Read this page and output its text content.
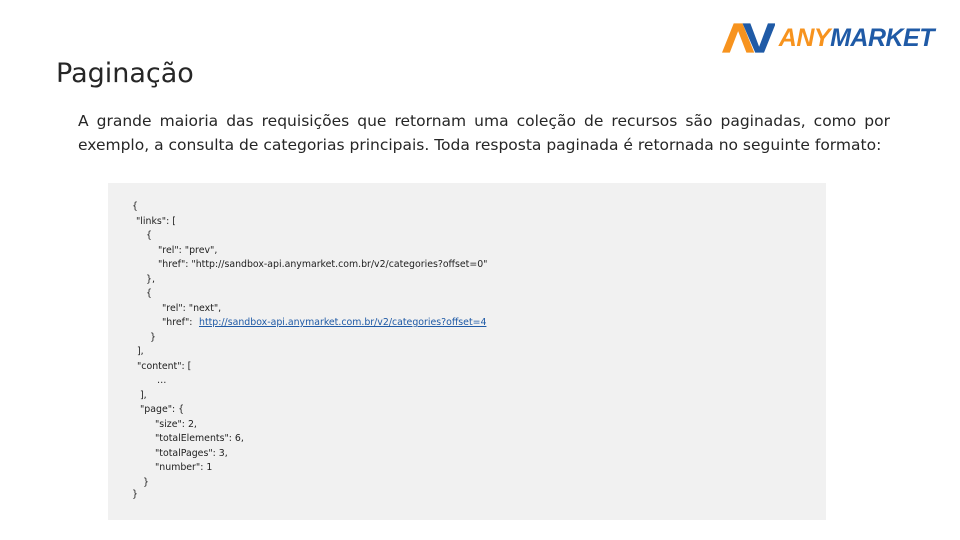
ANYMARKET
Paginação

A grande maioria das requisições que retornam uma coleção de recursos são paginadas, como por exemplo, a consulta de categorias principais. Toda resposta paginada é retornada no seguinte formato:

{
"links": [
{
"rel": "prev",
"href": "http://sandbox-api.anymarket.com.br/v2/categories?offset=0"
},
{
"rel": "next",
"href": http://sandbox-api.anymarket.com.br/v2/categories?offset=4
}
],
"content": [
…
],
"page": {
"size": 2,
"totalElements": 6,
"totalPages": 3,
"number": 1
}
}
